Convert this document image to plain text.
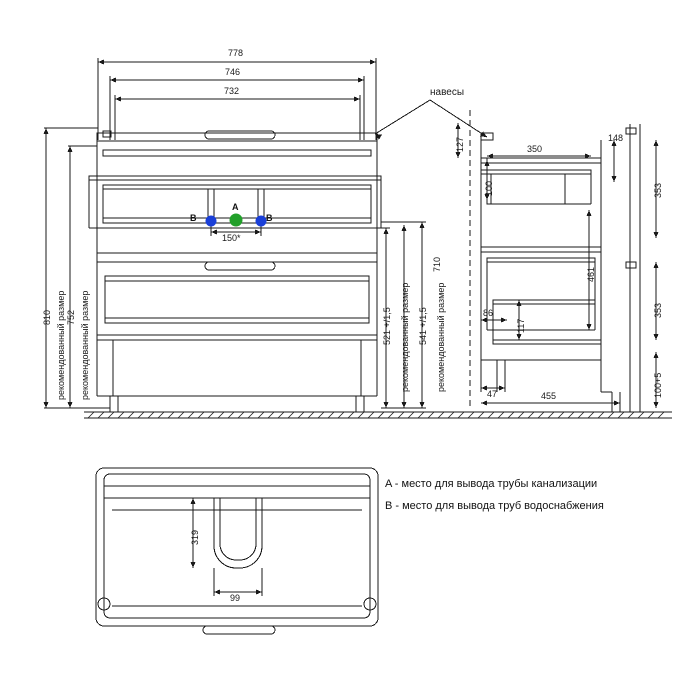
778
746
732
810 752
рекомендованный размер рекомендованный размер	521 +/1,5 рекомендованный размер 541 +/1,5 рекомендованный размер
710
150*
B
A
B
навесы
127
100
350
148
353
461
353
100+5
86
117
47	455
319
99
A - место для вывода трубы канализации
B - место для вывода труб водоснабжения
